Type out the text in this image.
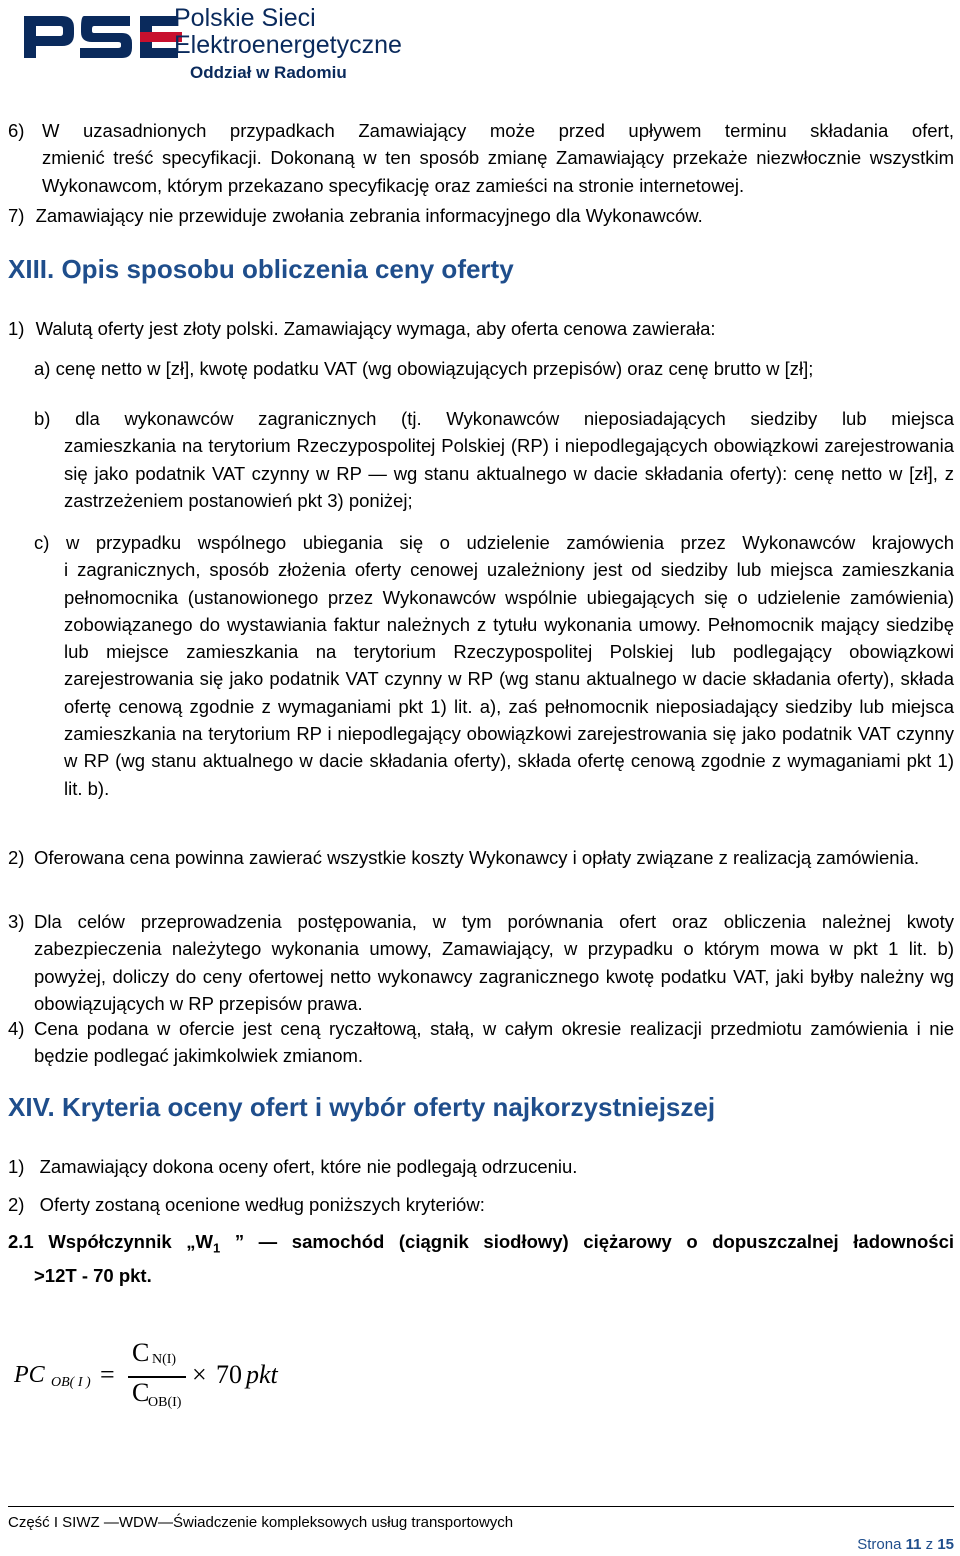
Polskie Sieci
Elektroenergetyczne
Oddział w Radomiu
6) W uzasadnionych przypadkach Zamawiający może przed upływem terminu składania ofert,
zmienić treść specyfikacji. Dokonaną w ten sposób zmianę Zamawiający przekaże niezwłocznie wszystkim Wykonawcom, którym przekazano specyfikację oraz zamieści na stronie internetowej.
7) Zamawiający nie przewiduje zwołania zebrania informacyjnego dla Wykonawców.
XIII. Opis sposobu obliczenia ceny oferty
1) Walutą oferty jest złoty polski. Zamawiający wymaga, aby oferta cenowa zawierała:
a) cenę netto w [zł], kwotę podatku VAT (wg obowiązujących przepisów) oraz cenę brutto w [zł];
b) dla wykonawców zagranicznych (tj. Wykonawców nieposiadających siedziby lub miejsca
zamieszkania na terytorium Rzeczypospolitej Polskiej (RP) i niepodlegających obowiązkowi zarejestrowania się jako podatnik VAT czynny w RP — wg stanu aktualnego w dacie składania oferty): cenę netto w [zł], z zastrzeżeniem postanowień pkt 3) poniżej;
c) w przypadku wspólnego ubiegania się o udzielenie zamówienia przez Wykonawców krajowych
i zagranicznych, sposób złożenia oferty cenowej uzależniony jest od siedziby lub miejsca zamieszkania pełnomocnika (ustanowionego przez Wykonawców wspólnie ubiegających się o udzielenie zamówienia) zobowiązanego do wystawiania faktur należnych z tytułu wykonania umowy. Pełnomocnik mający siedzibę lub miejsce zamieszkania na terytorium Rzeczypospolitej Polskiej lub podlegający obowiązkowi zarejestrowania się jako podatnik VAT czynny w RP (wg stanu aktualnego w dacie składania oferty), składa ofertę cenową zgodnie z wymaganiami pkt 1) lit. a), zaś pełnomocnik nieposiadający siedziby lub miejsca zamieszkania na terytorium RP i niepodlegający obowiązkowi zarejestrowania się jako podatnik VAT czynny w RP (wg stanu aktualnego w dacie składania oferty), składa ofertę cenową zgodnie z wymaganiami pkt 1) lit. b).
2) Oferowana cena powinna zawierać wszystkie koszty Wykonawcy i opłaty związane z realizacją zamówienia.
3) Dla celów przeprowadzenia postępowania, w tym porównania ofert oraz obliczenia należnej kwoty zabezpieczenia należytego wykonania umowy, Zamawiający, w przypadku o którym mowa w pkt 1 lit. b) powyżej, doliczy do ceny ofertowej netto wykonawcy zagranicznego kwotę podatku VAT, jaki byłby należny wg obowiązujących w RP przepisów prawa.
4) Cena podana w ofercie jest ceną ryczałtową, stałą, w całym okresie realizacji przedmiotu zamówienia i nie będzie podlegać jakimkolwiek zmianom.
XIV. Kryteria oceny ofert i wybór oferty najkorzystniejszej
1) Zamawiający dokona oceny ofert, które nie podlegają odrzuceniu.
2) Oferty zostaną ocenione według poniższych kryteriów:
2.1 Współczynnik $„W_1$ ” — samochód (ciągnik siodłowy) ciężarowy o dopuszczalnej ładowności
>12T - 70 pkt.
PC OB( I ) =
C N(I)
C
OB(I)
× 70 pkt
Część I SIWZ —WDW—Świadczenie kompleksowych usług transportowych
Strona 11 z 15
